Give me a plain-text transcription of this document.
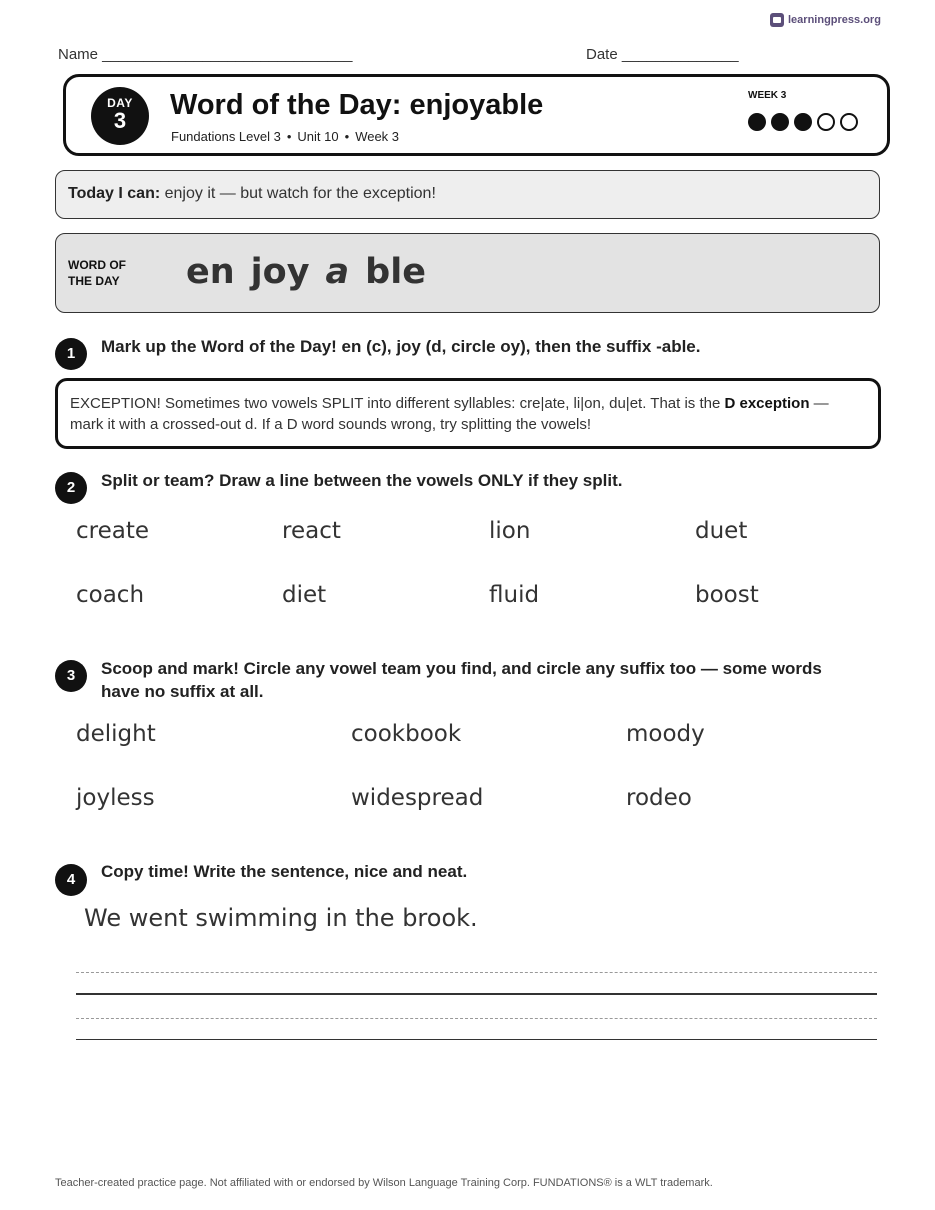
learningpress.org
Name ______________________________	Date ______________
DAY
3	Word of the Day: enjoyable
Fundations Level 3 • Unit 10 • Week 3
WEEK 3
Today I can: enjoy it — but watch for the exception!
WORD OF
THE DAY en joy a ble
1	Mark up the Word of the Day! en (c), joy (d, circle oy), then the suffix -able.
EXCEPTION! Sometimes two vowels SPLIT into different syllables: cre|ate, li|on, du|et. That is the D exception — mark it with a crossed-out d. If a D word sounds wrong, try splitting the vowels!
2	Split or team? Draw a line between the vowels ONLY if they split.
create	react	lion	duet
coach	diet	fluid	boost
3	Scoop and mark! Circle any vowel team you find, and circle any suffix too — some words have no suffix at all.
delight	cookbook	moody
joyless	widespread	rodeo
4	Copy time! Write the sentence, nice and neat.
We went swimming in the brook.
Teacher-created practice page. Not affiliated with or endorsed by Wilson Language Training Corp. FUNDATIONS® is a WLT trademark.
